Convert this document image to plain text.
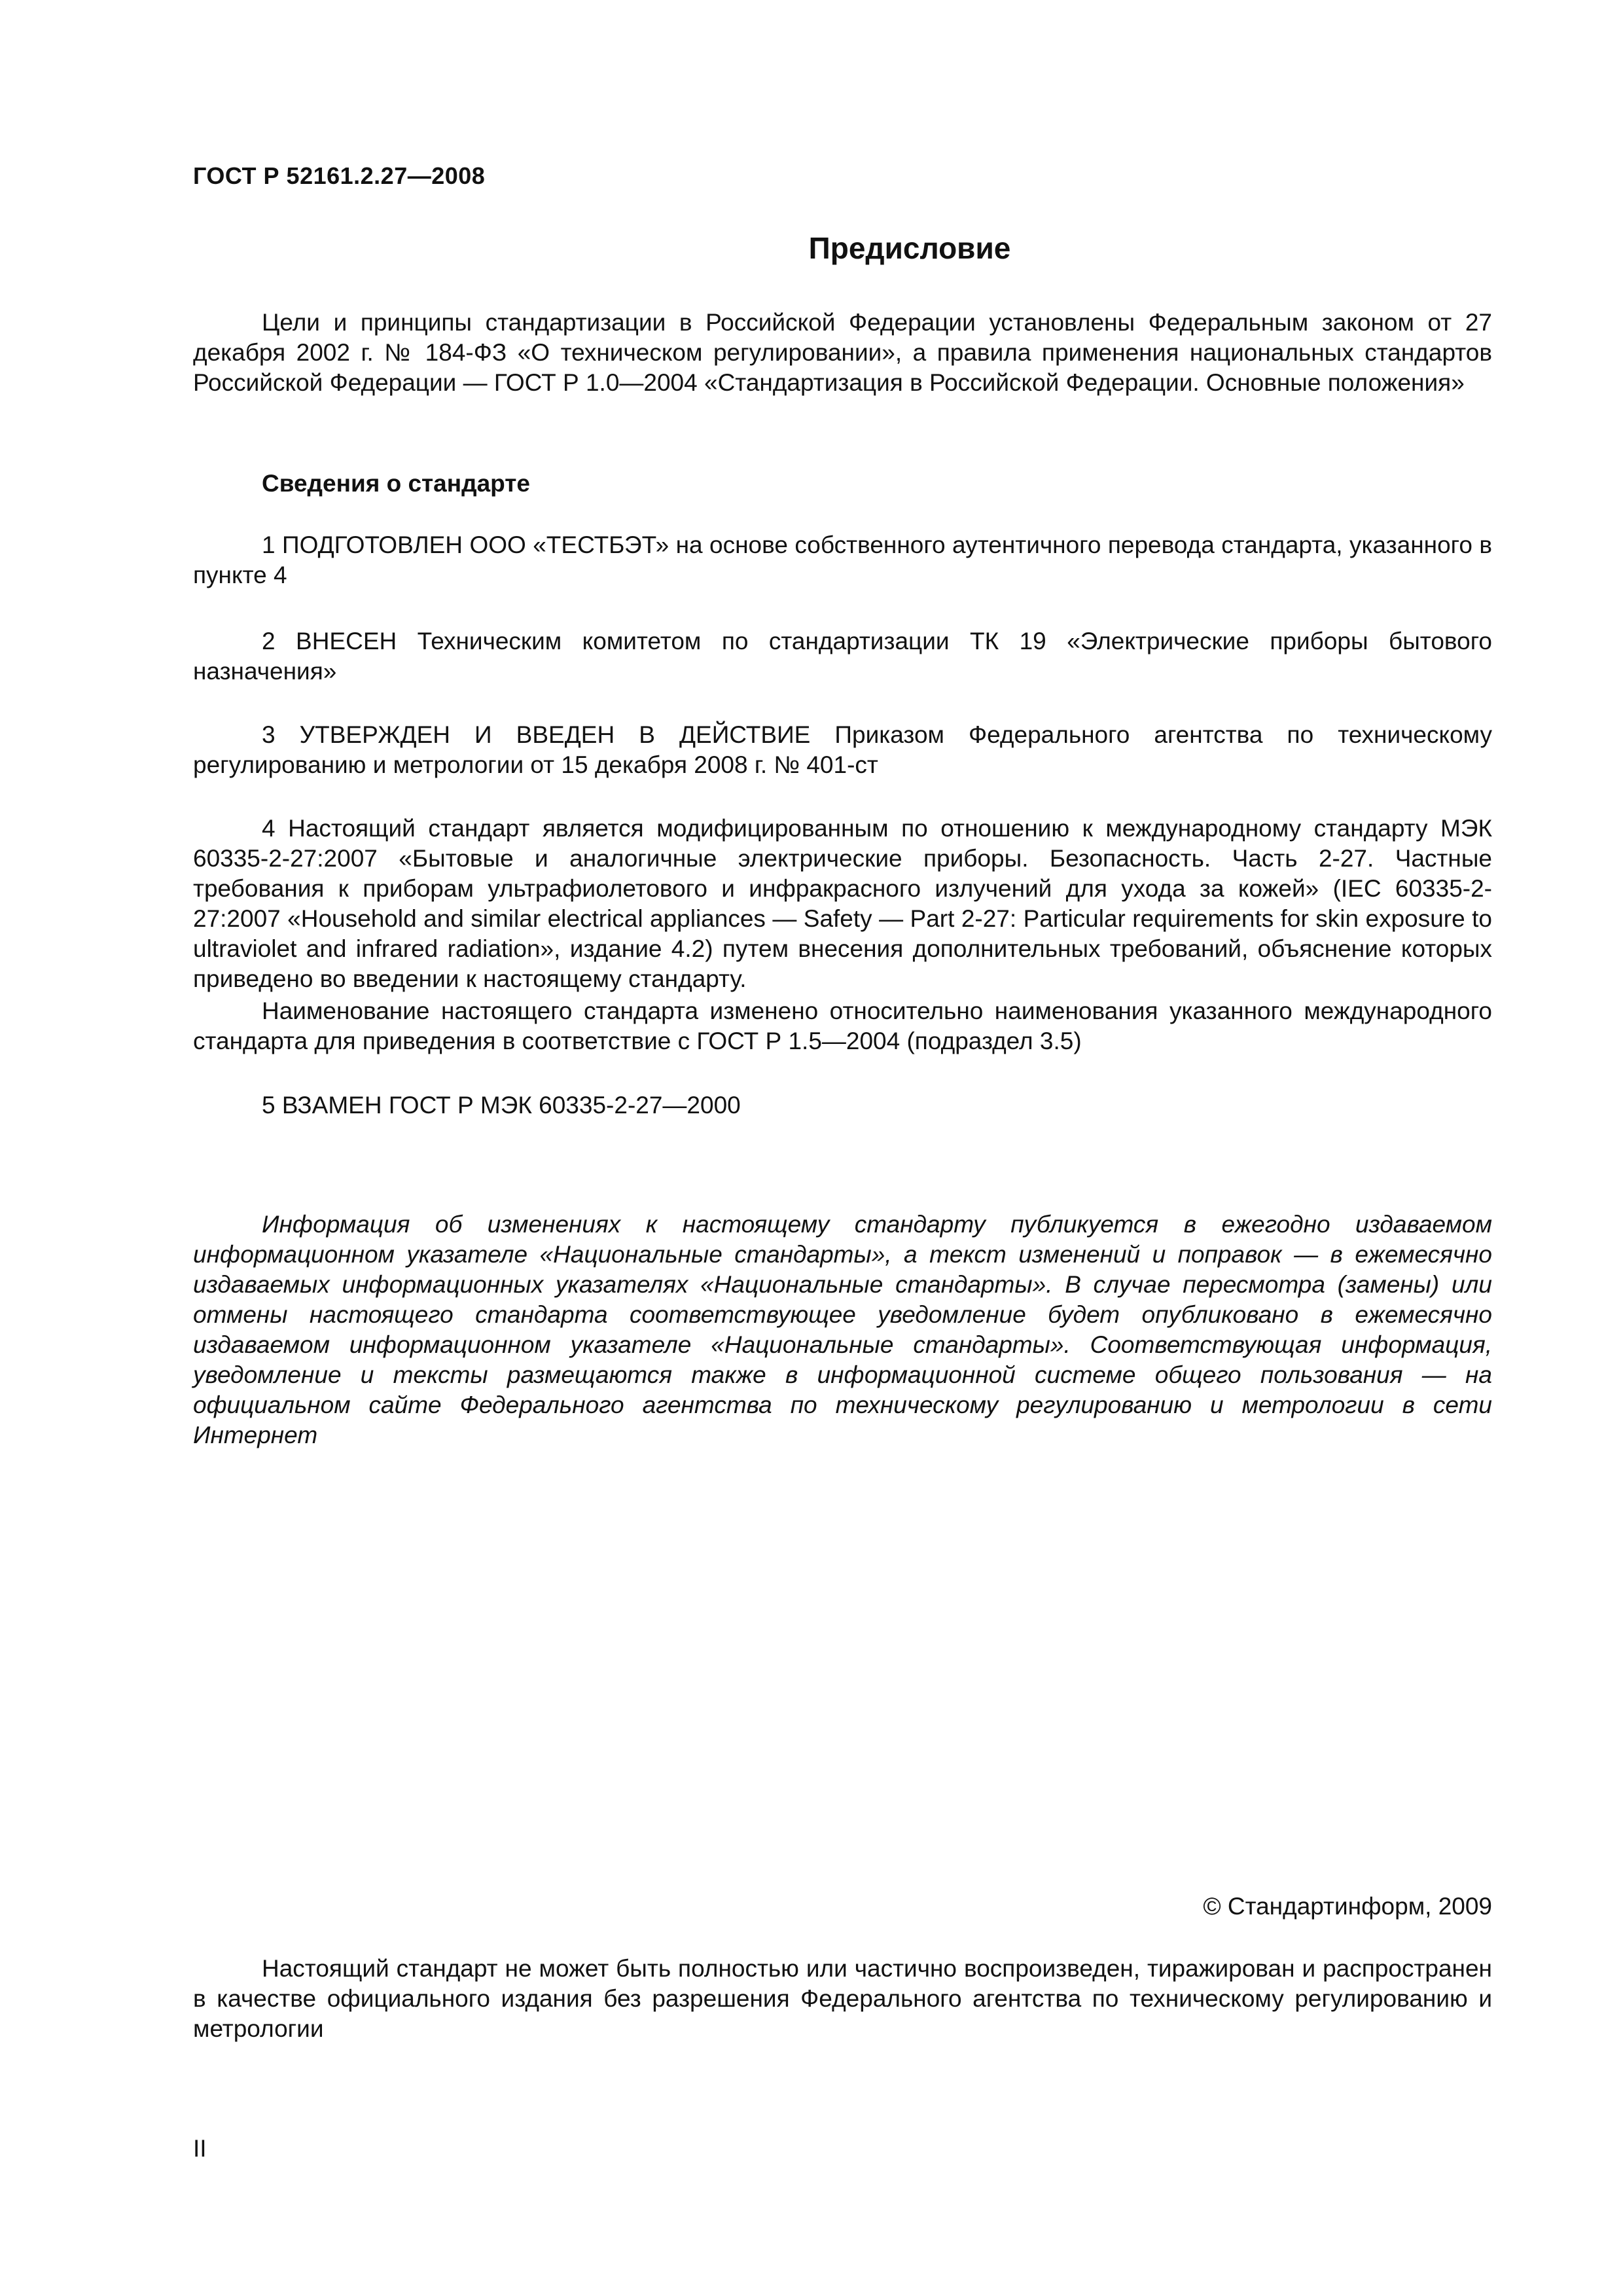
ГОСТ Р 52161.2.27—2008
Предисловие

Цели и принципы стандартизации в Российской Федерации установлены Федеральным законом от 27 декабря 2002 г. № 184-ФЗ «О техническом регулировании», а правила применения национальных стандартов Российской Федерации — ГОСТ Р 1.0—2004 «Стандартизация в Российской Федерации. Основные положения»

Сведения о стандарте

1 ПОДГОТОВЛЕН ООО «ТЕСТБЭТ» на основе собственного аутентичного перевода стандарта, указанного в пункте 4

2 ВНЕСЕН Техническим комитетом по стандартизации ТК 19 «Электрические приборы бытового назначения»

3 УТВЕРЖДЕН И ВВЕДЕН В ДЕЙСТВИЕ Приказом Федерального агентства по техническому регулированию и метрологии от 15 декабря 2008 г. № 401-ст

4 Настоящий стандарт является модифицированным по отношению к международному стандарту МЭК 60335-2-27:2007 «Бытовые и аналогичные электрические приборы. Безопасность. Часть 2-27. Частные требования к приборам ультрафиолетового и инфракрасного излучений для ухода за кожей» (IEC 60335-2-27:2007 «Household and similar electrical appliances — Safety — Part 2-27: Particular requirements for skin exposure to ultraviolet and infrared radiation», издание 4.2) путем внесения дополнительных требований, объяснение которых приведено во введении к настоящему стандарту.

Наименование настоящего стандарта изменено относительно наименования указанного международного стандарта для приведения в соответствие с ГОСТ Р 1.5—2004 (подраздел 3.5)

5 ВЗАМЕН ГОСТ Р МЭК 60335-2-27—2000

Информация об изменениях к настоящему стандарту публикуется в ежегодно издаваемом информационном указателе «Национальные стандарты», а текст изменений и поправок — в ежемесячно издаваемых информационных указателях «Национальные стандарты». В случае пересмотра (замены) или отмены настоящего стандарта соответствующее уведомление будет опубликовано в ежемесячно издаваемом информационном указателе «Национальные стандарты». Соответствующая информация, уведомление и тексты размещаются также в информационной системе общего пользования — на официальном сайте Федерального агентства по техническому регулированию и метрологии в сети Интернет

© Стандартинформ, 2009

Настоящий стандарт не может быть полностью или частично воспроизведен, тиражирован и распространен в качестве официального издания без разрешения Федерального агентства по техническому регулированию и метрологии

II
